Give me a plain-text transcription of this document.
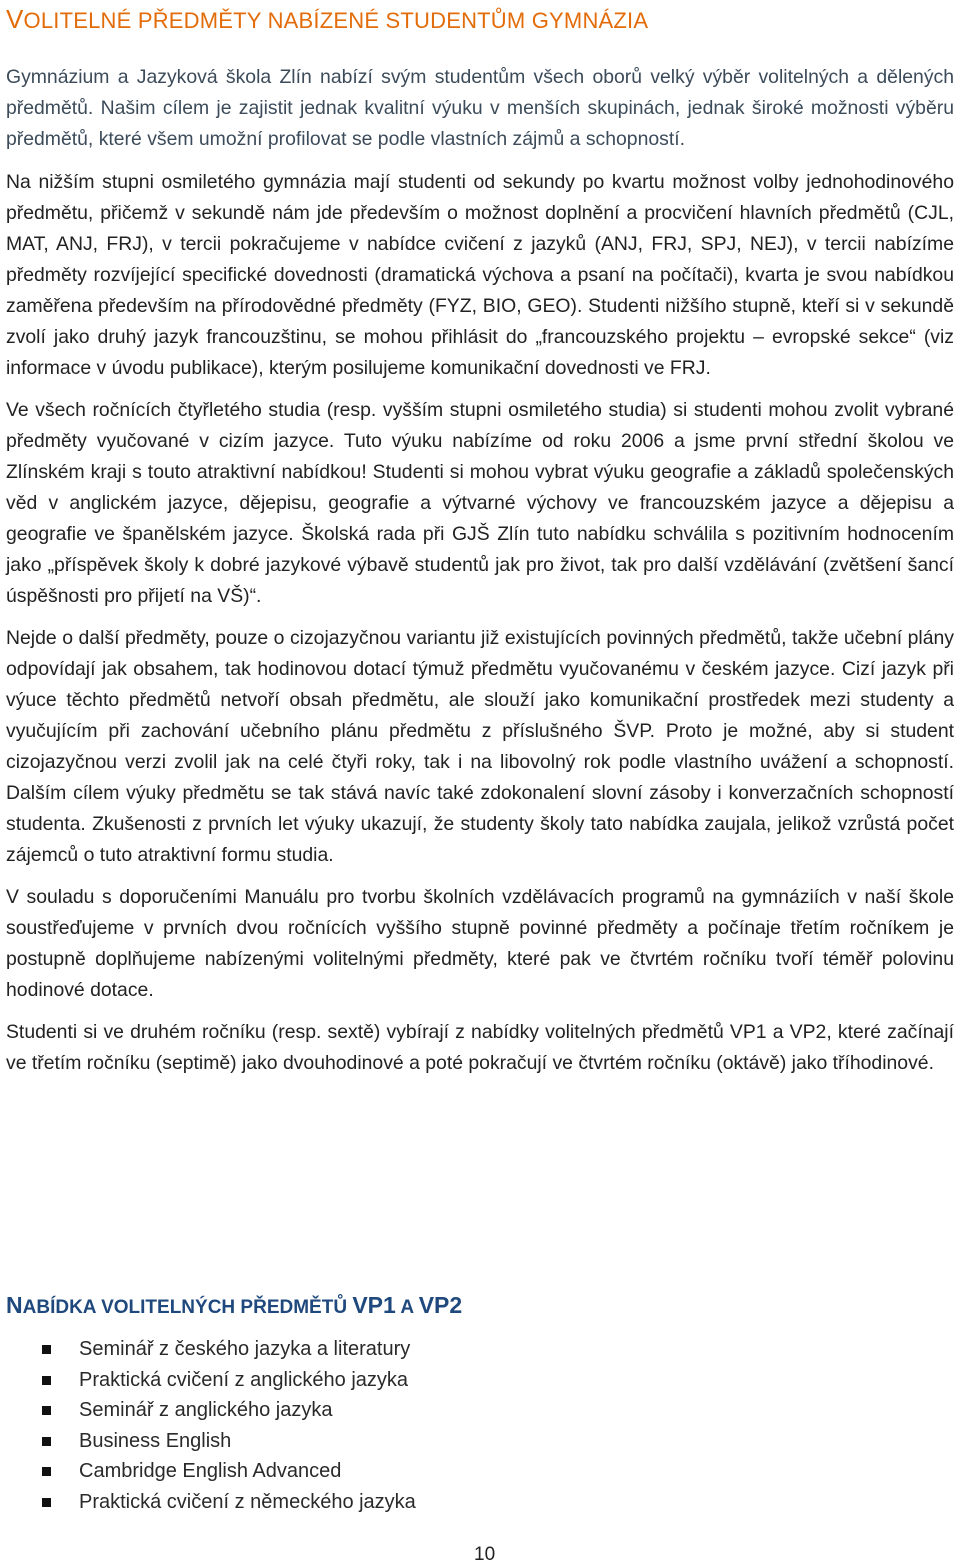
VOLITELNÉ PŘEDMĚTY NABÍZENÉ STUDENTŮM GYMNÁZIA

Gymnázium a Jazyková škola Zlín nabízí svým studentům všech oborů velký výběr volitelných a dělených předmětů. Našim cílem je zajistit jednak kvalitní výuku v menších skupinách, jednak široké možnosti výběru předmětů, které všem umožní profilovat se podle vlastních zájmů a schopností.

Na nižším stupni osmiletého gymnázia mají studenti od sekundy po kvartu možnost volby jednohodinového předmětu, přičemž v sekundě nám jde především o možnost doplnění a procvičení hlavních předmětů (CJL, MAT, ANJ, FRJ), v tercii pokračujeme v nabídce cvičení z jazyků (ANJ, FRJ, SPJ, NEJ), v tercii nabízíme předměty rozvíjející specifické dovednosti (dramatická výchova a psaní na počítači), kvarta je svou nabídkou zaměřena především na přírodovědné předměty (FYZ, BIO, GEO). Studenti nižšího stupně, kteří si v sekundě zvolí jako druhý jazyk francouzštinu, se mohou přihlásit do „francouzského projektu – evropské sekce“ (viz informace v úvodu publikace), kterým posilujeme komunikační dovednosti ve FRJ.

Ve všech ročnících čtyřletého studia (resp. vyšším stupni osmiletého studia) si studenti mohou zvolit vybrané předměty vyučované v cizím jazyce. Tuto výuku nabízíme od roku 2006 a jsme první střední školou ve Zlínském kraji s touto atraktivní nabídkou! Studenti si mohou vybrat výuku geografie a základů společenských věd v anglickém jazyce, dějepisu, geografie a výtvarné výchovy ve francouzském jazyce a dějepisu a geografie ve španělském jazyce. Školská rada při GJŠ Zlín tuto nabídku schválila s pozitivním hodnocením jako „příspěvek školy k dobré jazykové výbavě studentů jak pro život, tak pro další vzdělávání (zvětšení šancí úspěšnosti pro přijetí na VŠ)“.

Nejde o další předměty, pouze o cizojazyčnou variantu již existujících povinných předmětů, takže učební plány odpovídají jak obsahem, tak hodinovou dotací týmuž předmětu vyučovanému v českém jazyce. Cizí jazyk při výuce těchto předmětů netvoří obsah předmětu, ale slouží jako komunikační prostředek mezi studenty a vyučujícím při zachování učebního plánu předmětu z příslušného ŠVP. Proto je možné, aby si student cizojazyčnou verzi zvolil jak na celé čtyři roky, tak i na libovolný rok podle vlastního uvážení a schopností. Dalším cílem výuky předmětu se tak stává navíc také zdokonalení slovní zásoby i konverzačních schopností studenta. Zkušenosti z prvních let výuky ukazují, že studenty školy tato nabídka zaujala, jelikož vzrůstá počet zájemců o tuto atraktivní formu studia.

V souladu s doporučeními Manuálu pro tvorbu školních vzdělávacích programů na gymnáziích v naší škole soustřeďujeme v prvních dvou ročnících vyššího stupně povinné předměty a počínaje třetím ročníkem je postupně doplňujeme nabízenými volitelnými předměty, které pak ve čtvrtém ročníku tvoří téměř polovinu hodinové dotace.

Studenti si ve druhém ročníku (resp. sextě) vybírají z nabídky volitelných předmětů VP1 a VP2, které začínají ve třetím ročníku (septimě) jako dvouhodinové a poté pokračují ve čtvrtém ročníku (oktávě) jako tříhodinové.

NABÍDKA VOLITELNÝCH PŘEDMĚTŮ VP1 A VP2
Seminář z českého jazyka a literatury
Praktická cvičení z anglického jazyka
Seminář z anglického jazyka
Business English
Cambridge English Advanced
Praktická cvičení z německého jazyka
10
